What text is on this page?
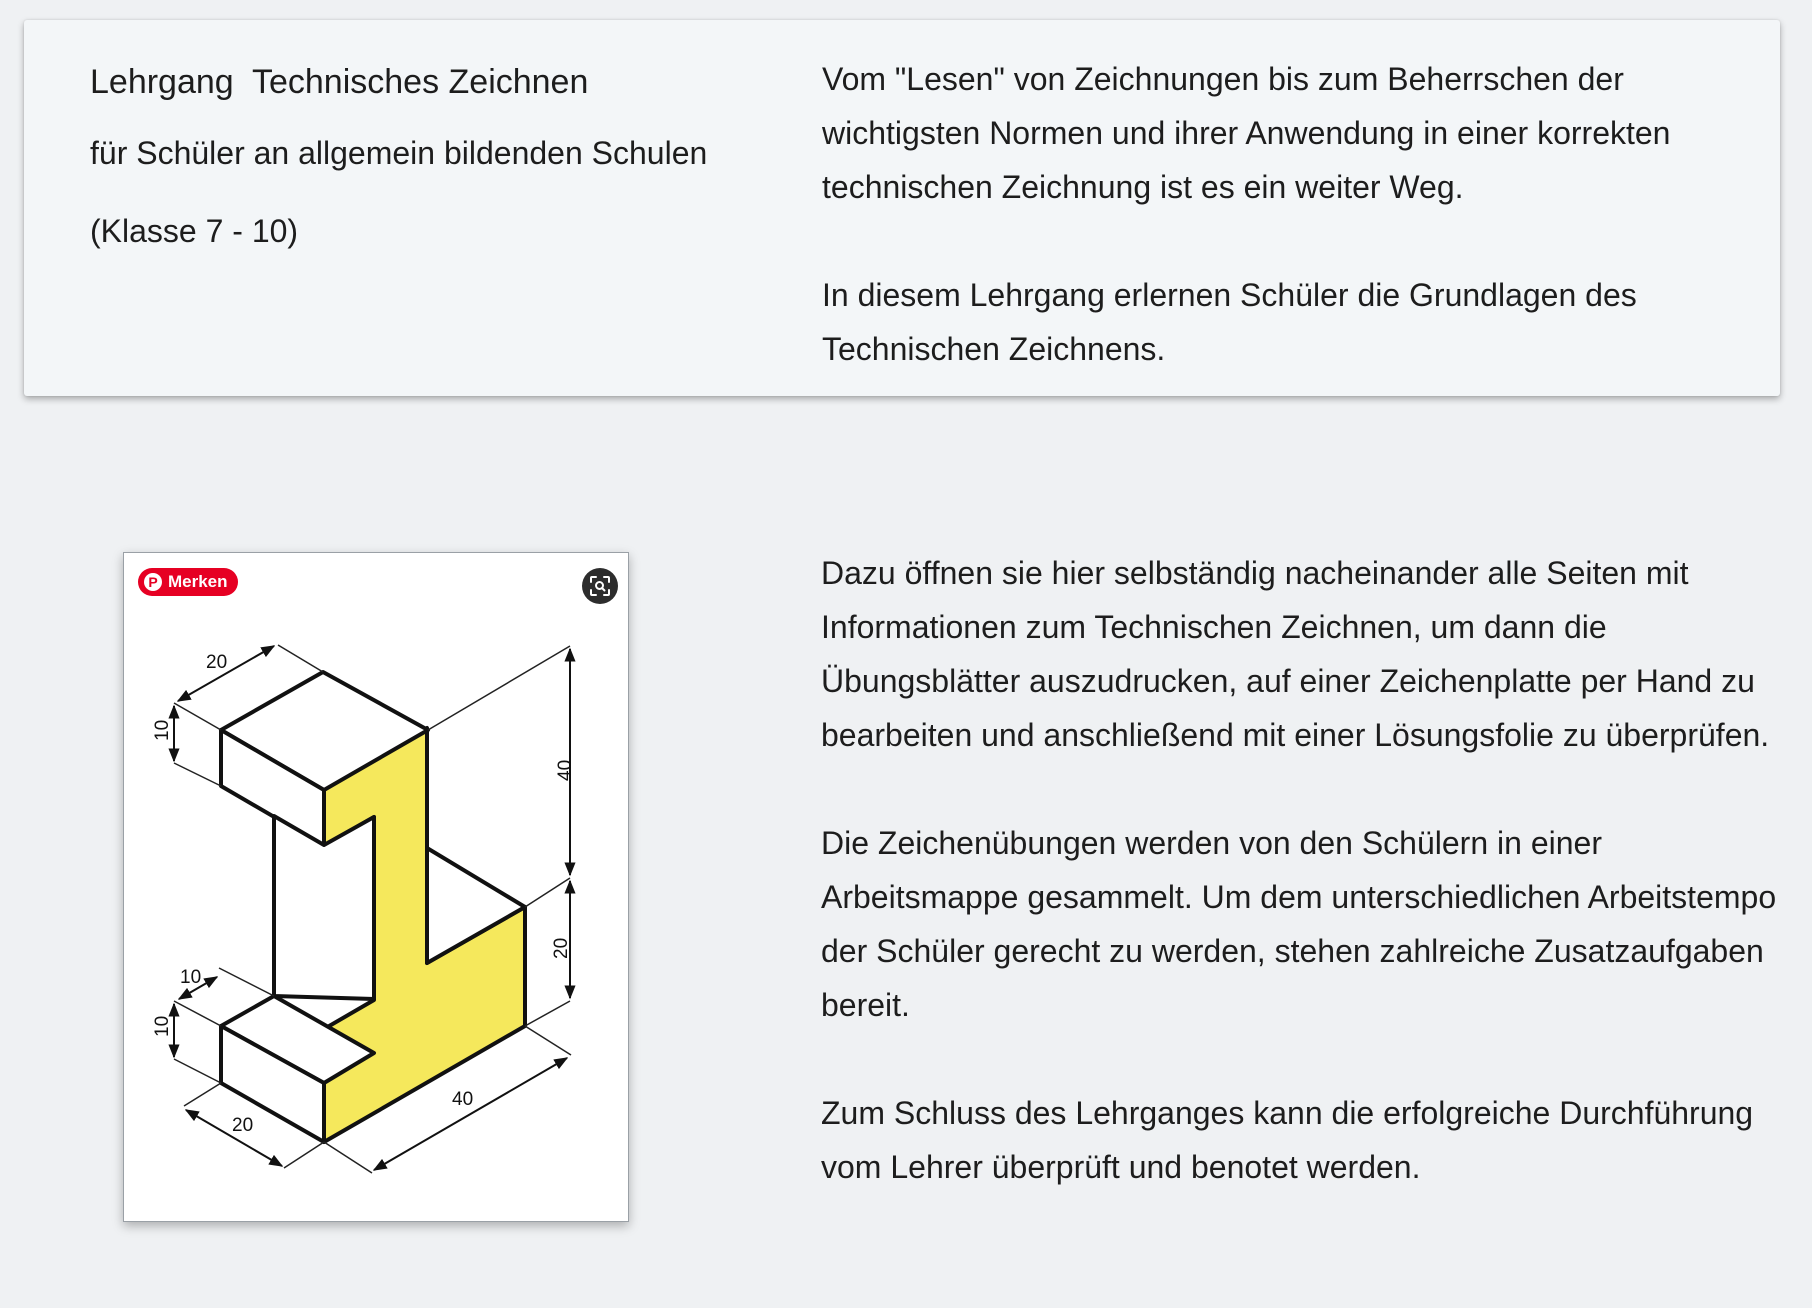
Lehrgang  Technisches Zeichnen

für Schüler an allgemein bildenden Schulen

(Klasse 7 - 10)

Vom "Lesen" von Zeichnungen bis zum Beherrschen der wichtigsten Normen und ihrer Anwendung in einer korrekten technischen Zeichnung ist es ein weiter Weg.

In diesem Lehrgang erlernen Schüler die Grundlagen des Technischen Zeichnens.

20
10
40
20
10
10
20
40
P Merken	Dazu öffnen sie hier selbständig nacheinander alle Seiten mit Informationen zum Technischen Zeichnen, um dann die Übungsblätter auszudrucken, auf einer Zeichenplatte per Hand zu bearbeiten und anschließend mit einer Lösungsfolie zu überprüfen.

Die Zeichenübungen werden von den Schülern in einer Arbeitsmappe gesammelt. Um dem unterschiedlichen Arbeitstempo der Schüler gerecht zu werden, stehen zahlreiche Zusatzaufgaben bereit.

Zum Schluss des Lehrganges kann die erfolgreiche Durchführung vom Lehrer überprüft und benotet werden.
